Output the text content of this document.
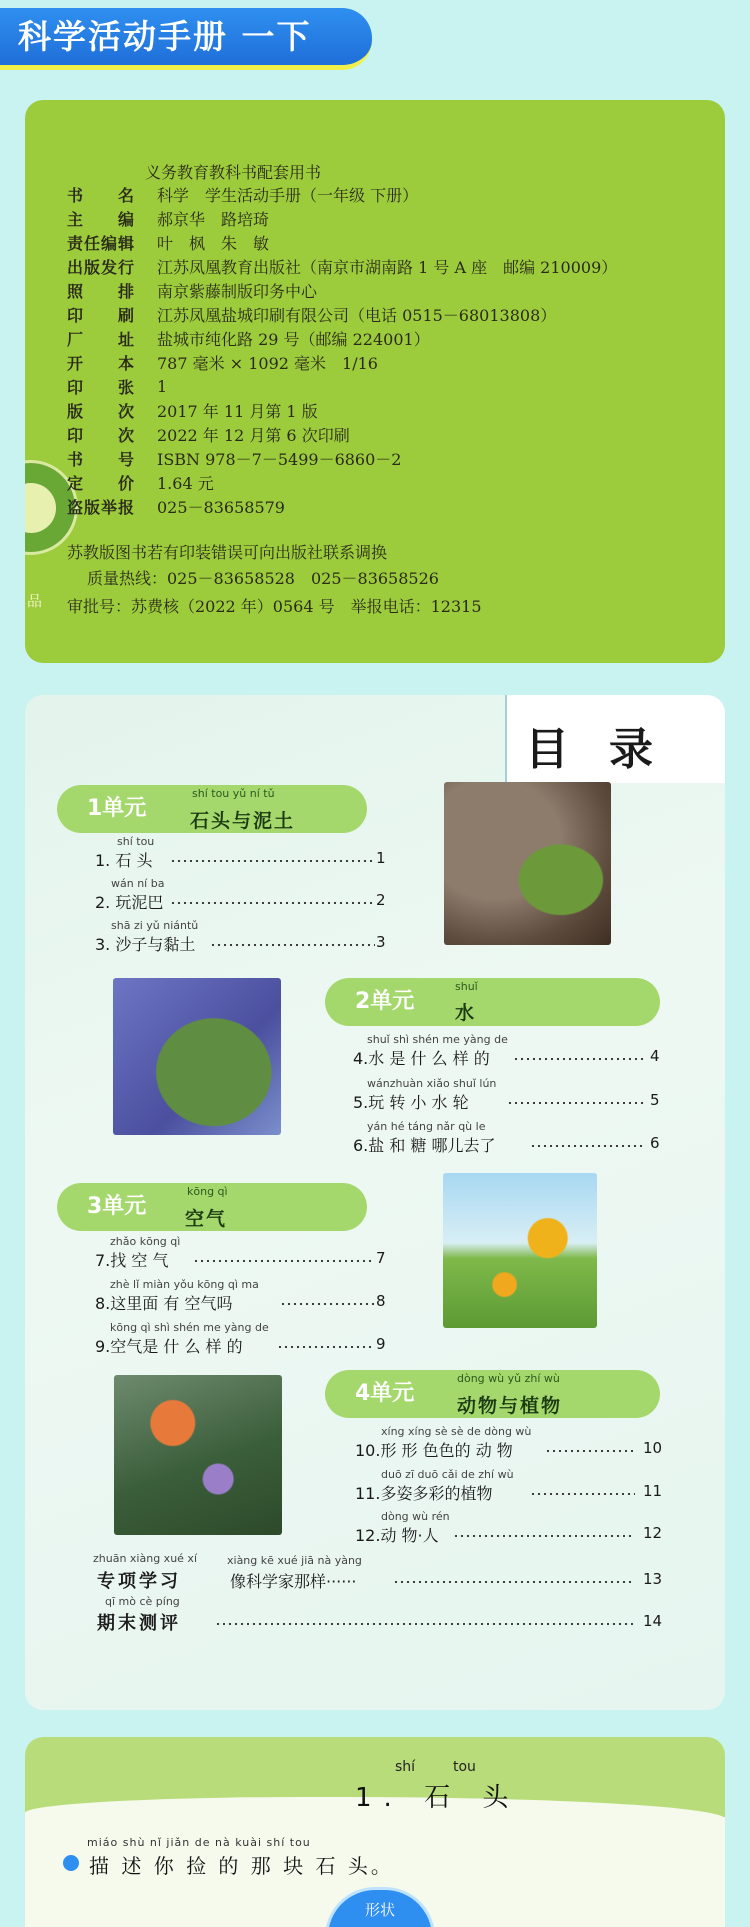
科学活动手册 一下
品
义务教育教科书配套用书
书　　名	科学　学生活动手册（一年级 下册）
主　　编	郝京华　路培琦
责任编辑	叶　枫　朱　敏
出版发行	江苏凤凰教育出版社（南京市湖南路 1 号 A 座　邮编 210009）
照　　排	南京紫藤制版印务中心
印　　刷	江苏凤凰盐城印刷有限公司（电话 0515－68013808）
厂　　址	盐城市纯化路 29 号（邮编 224001）
开　　本	787 毫米 × 1092 毫米　1/16
印　　张	1
版　　次	2017 年 11 月第 1 版
印　　次	2022 年 12 月第 6 次印刷
书　　号	ISBN 978－7－5499－6860－2
定　　价	1.64 元
盗版举报	025－83658579
苏教版图书若有印装错误可向出版社联系调换
质量热线：025－83658528　025－83658526
审批号：苏费核（2022 年）0564 号　举报电话：12315
目录
1单元
shí tou yǔ ní tǔ
石头与泥土
shí tou
1. 石 头	1
wán ní ba
2. 玩泥巴	2
shā zi yǔ niántǔ
3. 沙子与黏土	3
2单元
shuǐ
水
shuǐ shì shén me yàng de
4.水 是 什 么 样 的	4
wánzhuàn xiǎo shuǐ lún
5.玩 转 小 水 轮	5
yán hé táng nǎr qù le
6.盐 和 糖 哪儿去了	6
3单元
kōng qì
空气
zhǎo kōng qì
7.找 空 气	7
zhè lǐ miàn yǒu kōng qì ma
8.这里面 有 空气吗	8
kōng qì shì shén me yàng de
9.空气是 什 么 样 的	9
4单元
dòng wù yǔ zhí wù
动物与植物
xíng xíng sè sè de dòng wù
10.形 形 色色的 动 物	10
duō zī duō cǎi de zhí wù
11.多姿多彩的植物	11
dòng wù rén
12.动 物·人	12
zhuān xiàng xué xí
专项学习
xiàng kē xué jiā nà yàng
像科学家那样······	13
qī mò cè píng
期末测评	14
shí	tou
1. 石 头
miáo shù nǐ jiǎn de nà kuài shí tou
描 述 你 捡 的 那 块 石 头。
形状
